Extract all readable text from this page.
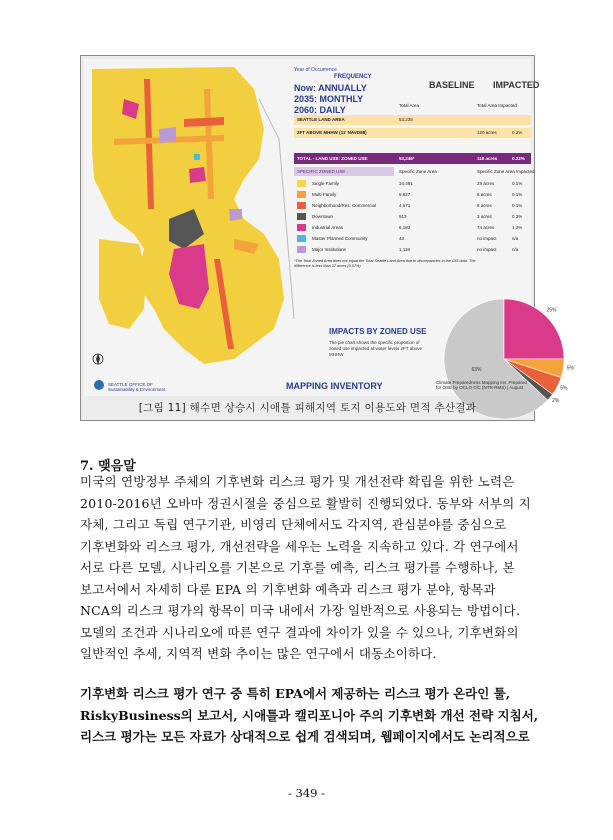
63%
25%
5%
5%
2%
Year of Occurrence
FREQUENCY
Now: ANNUALLY
2035: MONTHLY
2060: DAILY
BASELINE IMPACTED
Total Area	Total Area Impacted
SEATTLE LAND AREA	53,238
2FT ABOVE MHHW (11' NAVD88)	120 acres	0.2%
TOTAL - LAND USE: ZONED USE	53,246*	118 acres	0.22%
SPECIFIC ZONED USE	Specific Zone Area	Specific Zone Area Impacted
Single Family	34,491	29 acres	0.1%
Multi-Family	5,827	6 acres	0.1%
Neighborhood/Res. Commercial	4,671	6 acres	0.1%
Downtown	913	3 acres	0.3%
Industrial Areas	6,183	74 acres	1.2%
Master Planned Community	43	no impact	n/a
Major Institutions	1,118	no impact	n/a
*The Total Zoned Area does not equal the Total Seattle Land Area due to discrepancies in the GIS data. The difference is less than 37 acres (0.07%)
IMPACTS BY ZONED USE
The pie chart shows the specific proportion of zoned use impacted at water levels 2FT above MHHW
SEATTLE OFFICE OF Sustainability & Environment	MAPPING INVENTORY	Climate Preparedness Mapping Inv. Prepared for OSE by OCLO ClC (NTR-RMS) | August
[그림 11] 해수면 상승시 시애틀 피해지역 토지 이용도와 면적 추산결과
7. 맺음말
미국의 연방정부 주체의 기후변화 리스크 평가 및 개선전략 확립을 위한 노력은
2010-2016년 오바마 정권시절을 중심으로 활발히 진행되었다. 동부와 서부의 지
자체, 그리고 독립 연구기관, 비영리 단체에서도 각지역, 관심분야를 중심으로
기후변화와 리스크 평가, 개선전략을 세우는 노력을 지속하고 있다. 각 연구에서
서로 다른 모델, 시나리오를 기본으로 기후를 예측, 리스크 평가를 수행하나, 본
보고서에서 자세히 다룬 EPA 의 기후변화 예측과 리스크 평가 분야, 항목과
NCA의 리스크 평가의 항목이 미국 내에서 가장 일반적으로 사용되는 방법이다.
모델의 조건과 시나리오에 따른 연구 결과에 차이가 있을 수 있으나, 기후변화의
일반적인 추세, 지역적 변화 추이는 많은 연구에서 대동소이하다.
기후변화 리스크 평가 연구 중 특히 EPA에서 제공하는 리스크 평가 온라인 툴,
RiskyBusiness의 보고서, 시애틀과 캘리포니아 주의 기후변화 개선 전략 지침서,
리스크 평가는 모든 자료가 상대적으로 쉽게 검색되며, 웹페이지에서도 논리적으로
- 349 -
